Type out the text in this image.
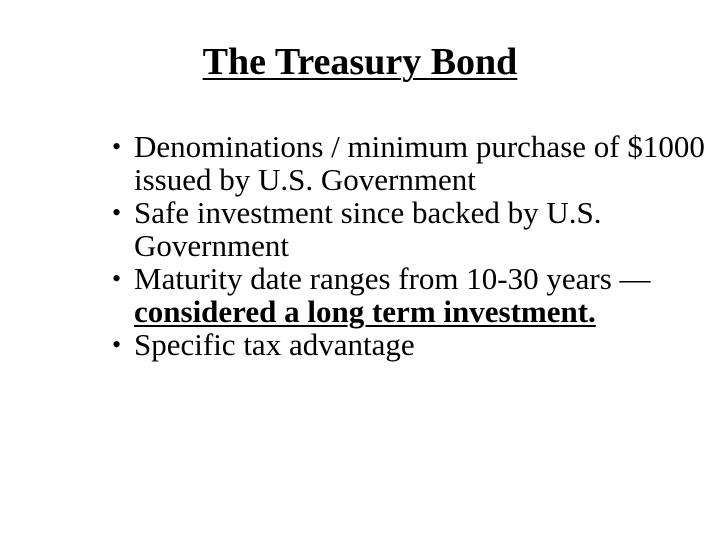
The Treasury Bond
• Denominations / minimum purchase of $1000 issued by U.S. Government
• Safe investment since backed by U.S. Government
• Maturity date ranges from 10-30 years —considered a long term investment.
• Specific tax advantage
